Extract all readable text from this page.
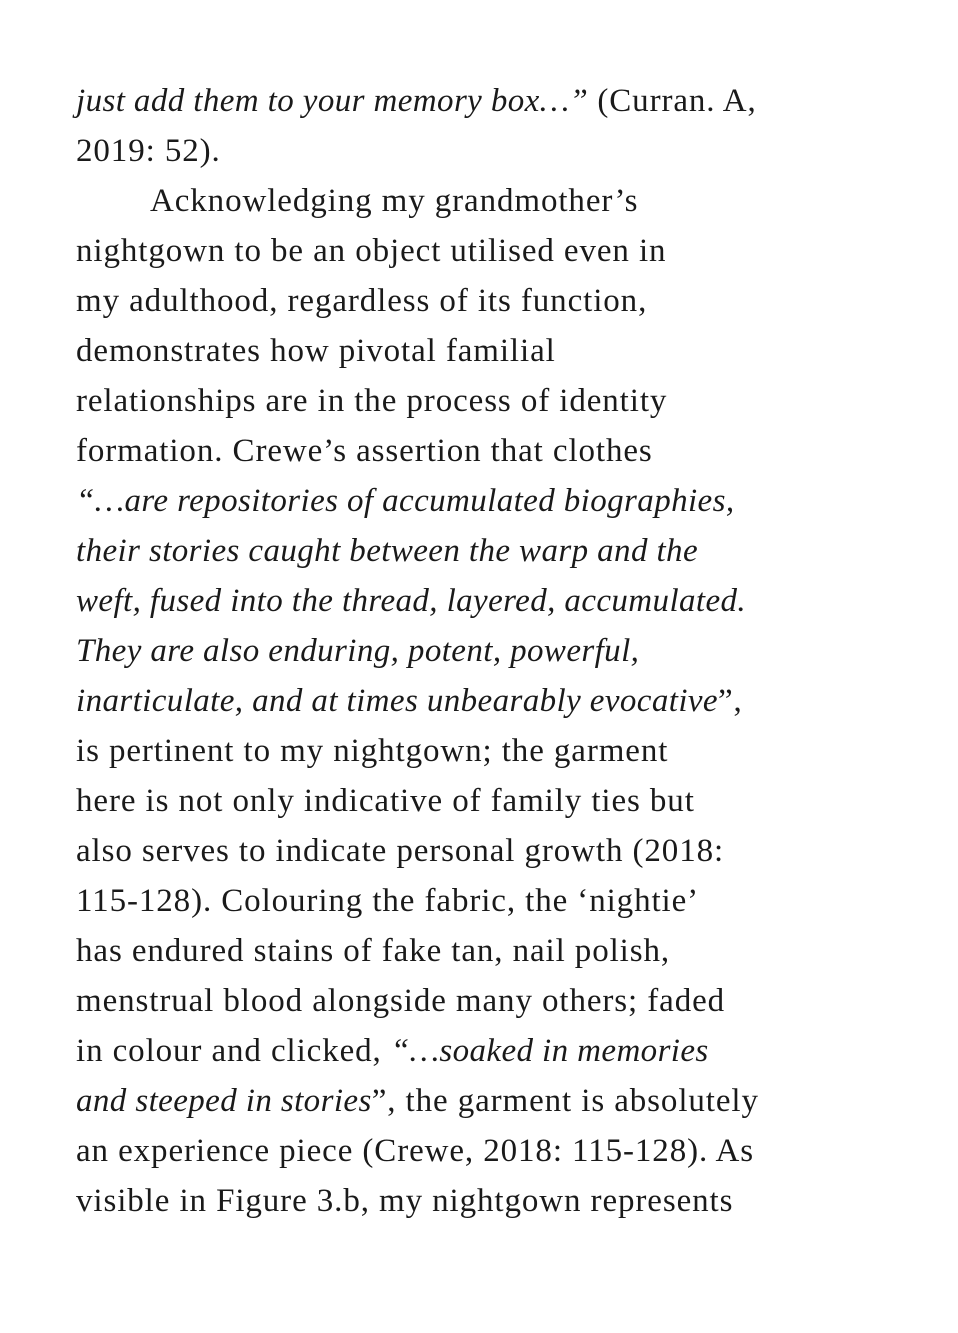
just add them to your memory box…” (Curran. A,
2019: 52).
Acknowledging my grandmother’s
nightgown to be an object utilised even in
my adulthood, regardless of its function,
demonstrates how pivotal familial
relationships are in the process of identity
formation. Crewe’s assertion that clothes
“…are repositories of accumulated biographies,
their stories caught between the warp and the
weft, fused into the thread, layered, accumulated.
They are also enduring, potent, powerful,
inarticulate, and at times unbearably evocative”,
is pertinent to my nightgown; the garment
here is not only indicative of family ties but
also serves to indicate personal growth (2018:
115-128). Colouring the fabric, the ‘nightie’
has endured stains of fake tan, nail polish,
menstrual blood alongside many others; faded
in colour and clicked, “…soaked in memories
and steeped in stories”, the garment is absolutely
an experience piece (Crewe, 2018: 115-128). As
visible in Figure 3.b, my nightgown represents
